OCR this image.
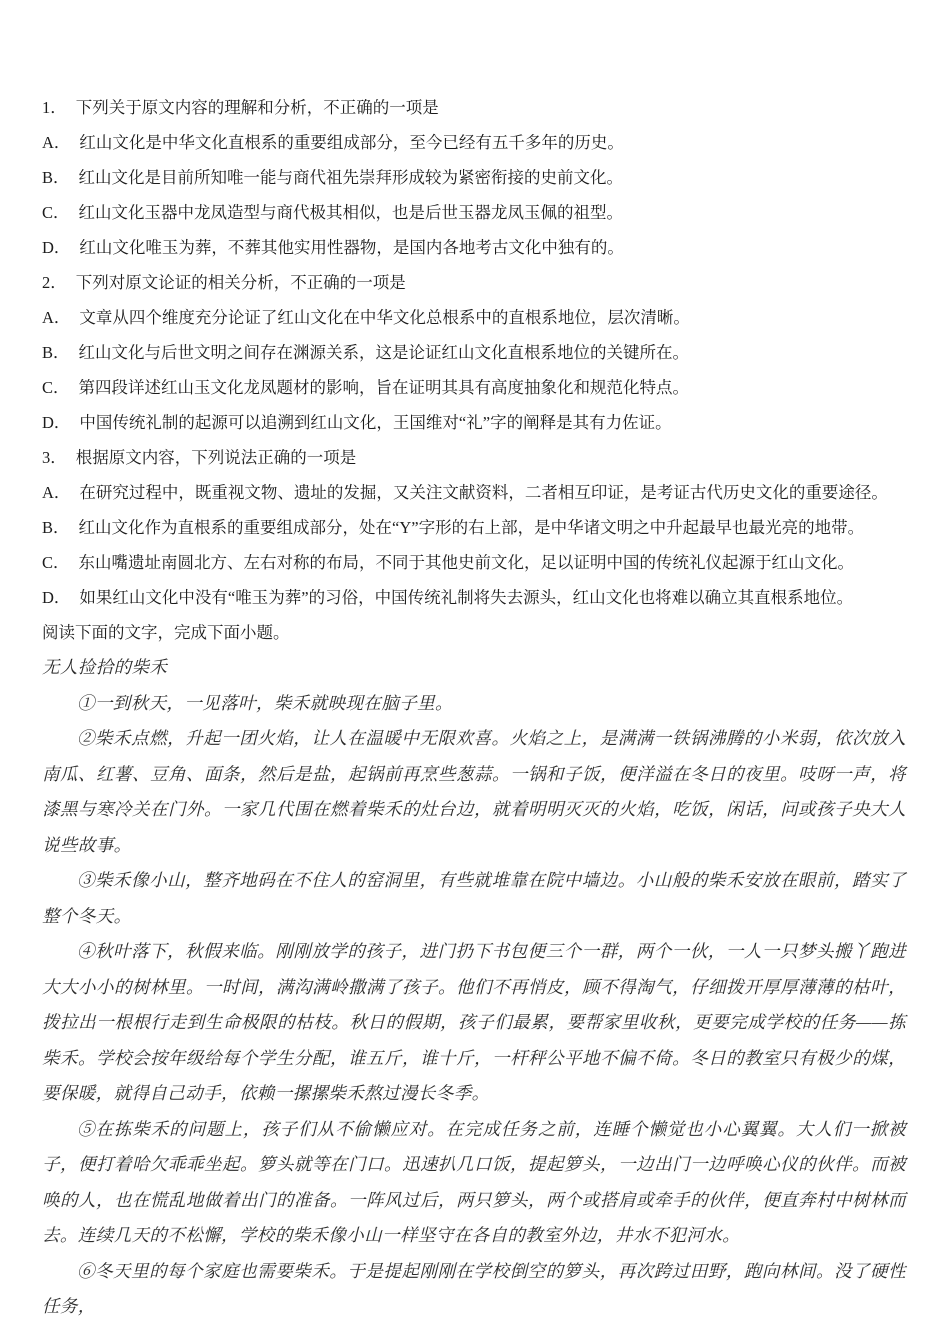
1． 下列关于原文内容的理解和分析，不正确的一项是
A． 红山文化是中华文化直根系的重要组成部分，至今已经有五千多年的历史。
B． 红山文化是目前所知唯一能与商代祖先崇拜形成较为紧密衔接的史前文化。
C． 红山文化玉器中龙凤造型与商代极其相似，也是后世玉器龙凤玉佩的祖型。
D． 红山文化唯玉为葬，不葬其他实用性器物，是国内各地考古文化中独有的。
2． 下列对原文论证的相关分析，不正确的一项是
A． 文章从四个维度充分论证了红山文化在中华文化总根系中的直根系地位，层次清晰。
B． 红山文化与后世文明之间存在渊源关系，这是论证红山文化直根系地位的关键所在。
C． 第四段详述红山玉文化龙凤题材的影响，旨在证明其具有高度抽象化和规范化特点。
D． 中国传统礼制的起源可以追溯到红山文化，王国维对“礼”字的阐释是其有力佐证。
3． 根据原文内容，下列说法正确的一项是
A． 在研究过程中，既重视文物、遗址的发掘，又关注文献资料，二者相互印证，是考证古代历史文化的重要途径。
B． 红山文化作为直根系的重要组成部分，处在“Y”字形的右上部，是中华诸文明之中升起最早也最光亮的地带。
C． 东山嘴遗址南圆北方、左右对称的布局，不同于其他史前文化，足以证明中国的传统礼仪起源于红山文化。
D． 如果红山文化中没有“唯玉为葬”的习俗，中国传统礼制将失去源头，红山文化也将难以确立其直根系地位。
阅读下面的文字，完成下面小题。
无人捡拾的柴禾

①一到秋天，一见落叶，柴禾就映现在脑子里。

②柴禾点燃，升起一团火焰，让人在温暖中无限欢喜。火焰之上，是满满一铁锅沸腾的小米弱，依次放入南瓜、红薯、豆角、面条，然后是盐，起锅前再烹些葱蒜。一锅和子饭，便洋溢在冬日的夜里。吱呀一声，将漆黑与寒冷关在门外。一家几代围在燃着柴禾的灶台边，就着明明灭灭的火焰，吃饭，闲话，问或孩子央大人说些故事。

③柴禾像小山，整齐地码在不住人的窑洞里，有些就堆靠在院中墙边。小山般的柴禾安放在眼前，踏实了整个冬天。

④秋叶落下，秋假来临。刚刚放学的孩子，进门扔下书包便三个一群，两个一伙，一人一只梦头搬丫跑进大大小小的树林里。一时间，满沟满岭撒满了孩子。他们不再悄皮，顾不得淘气，仔细拨开厚厚薄薄的枯叶，拨拉出一根根行走到生命极限的枯枝。秋日的假期，孩子们最累，要帮家里收秋，更要完成学校的任务——拣柴禾。学校会按年级给每个学生分配，谁五斤，谁十斤，一杆秤公平地不偏不倚。冬日的教室只有极少的煤，要保暖，就得自己动手，依赖一摞摞柴禾熬过漫长冬季。

⑤在拣柴禾的问题上，孩子们从不偷懒应对。在完成任务之前，连睡个懒觉也小心翼翼。大人们一掀被子，便打着哈欠乖乖坐起。箩头就等在门口。迅速扒几口饭，提起箩头，一边出门一边呼唤心仪的伙伴。而被唤的人，也在慌乱地做着出门的准备。一阵风过后，两只箩头，两个或搭肩或牵手的伙伴，便直奔村中树林而去。连续几天的不松懈，学校的柴禾像小山一样坚守在各自的教室外边，井水不犯河水。

⑥冬天里的每个家庭也需要柴禾。于是提起刚刚在学校倒空的箩头，再次跨过田野，跑向林间。没了硬性任务，
